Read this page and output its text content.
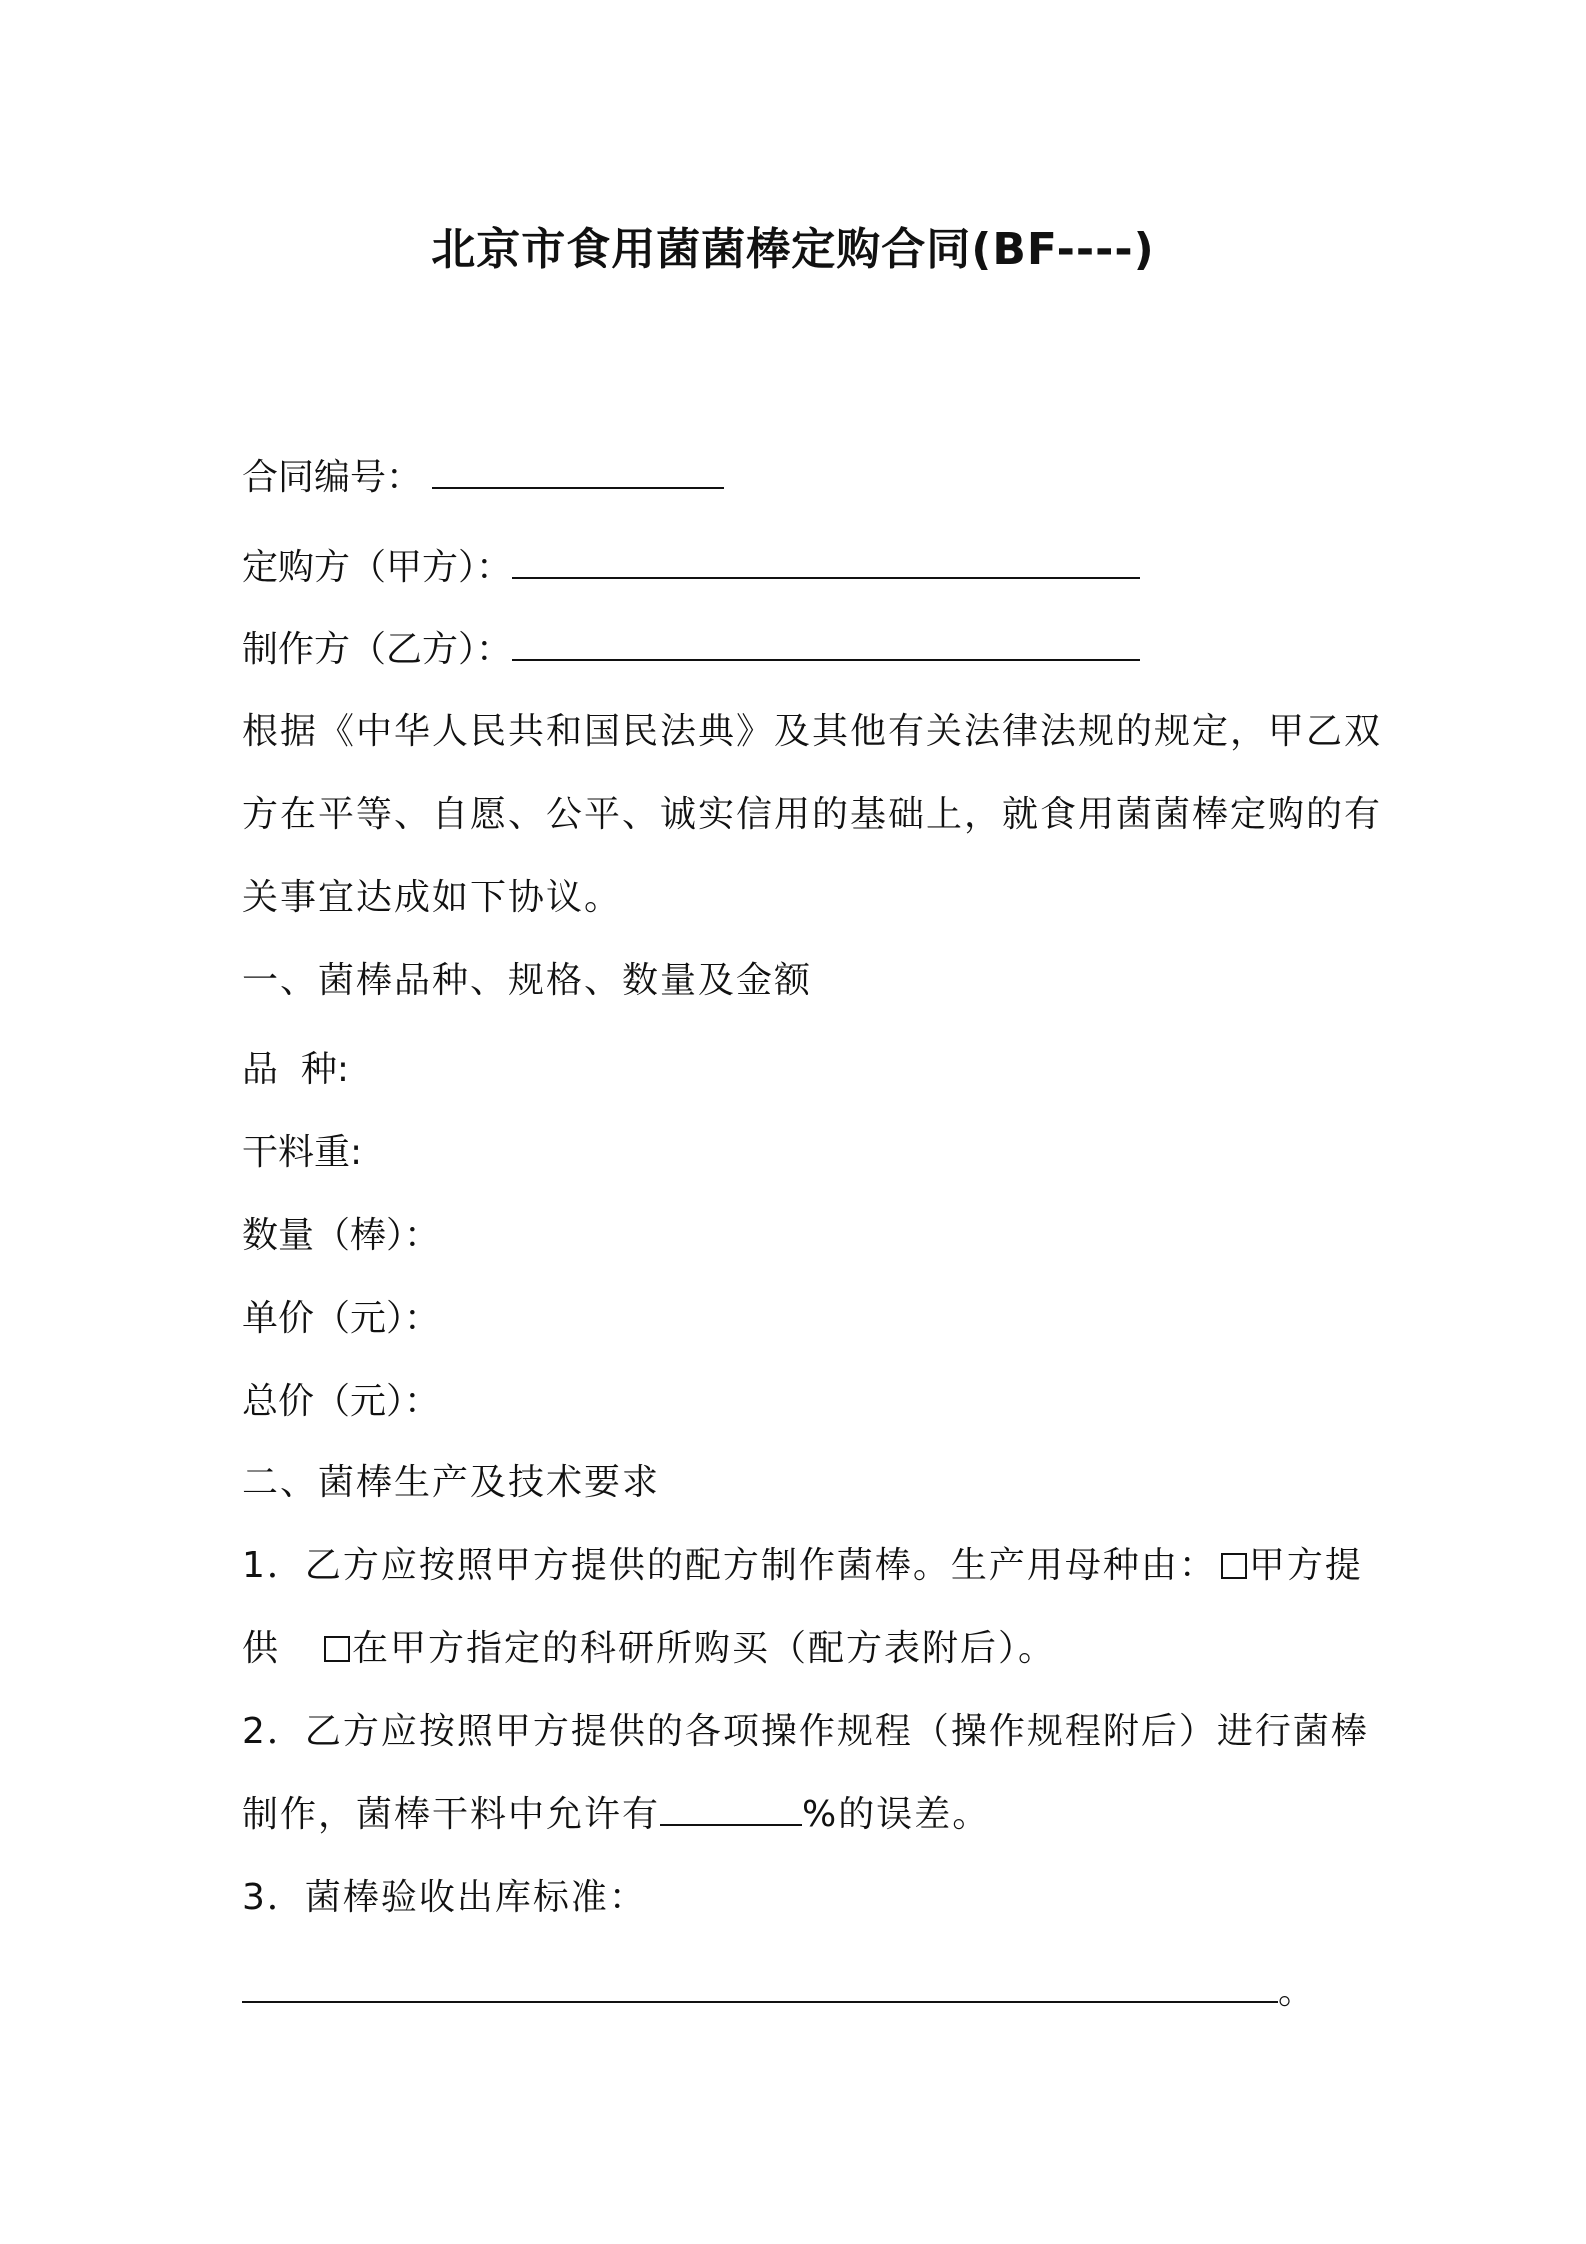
北京市食用菌菌棒定购合同(BF----)
合同编号：
定购方（甲方）：
制作方（乙方）：
根据《中华人民共和国民法典》及其他有关法律法规的规定，甲乙双
方在平等、自愿、公平、诚实信用的基础上，就食用菌菌棒定购的有
关事宜达成如下协议。
一、菌棒品种、规格、数量及金额
品  种:
干料重:
数量（棒）：
单价（元）：
总价（元）：
二、菌棒生产及技术要求
1．乙方应按照甲方提供的配方制作菌棒。生产用母种由： 甲方提
供 在甲方指定的科研所购买（配方表附后）。
2．乙方应按照甲方提供的各项操作规程（操作规程附后）进行菌棒
制作，菌棒干料中允许有	%的误差。
3．菌棒验收出库标准：
。
